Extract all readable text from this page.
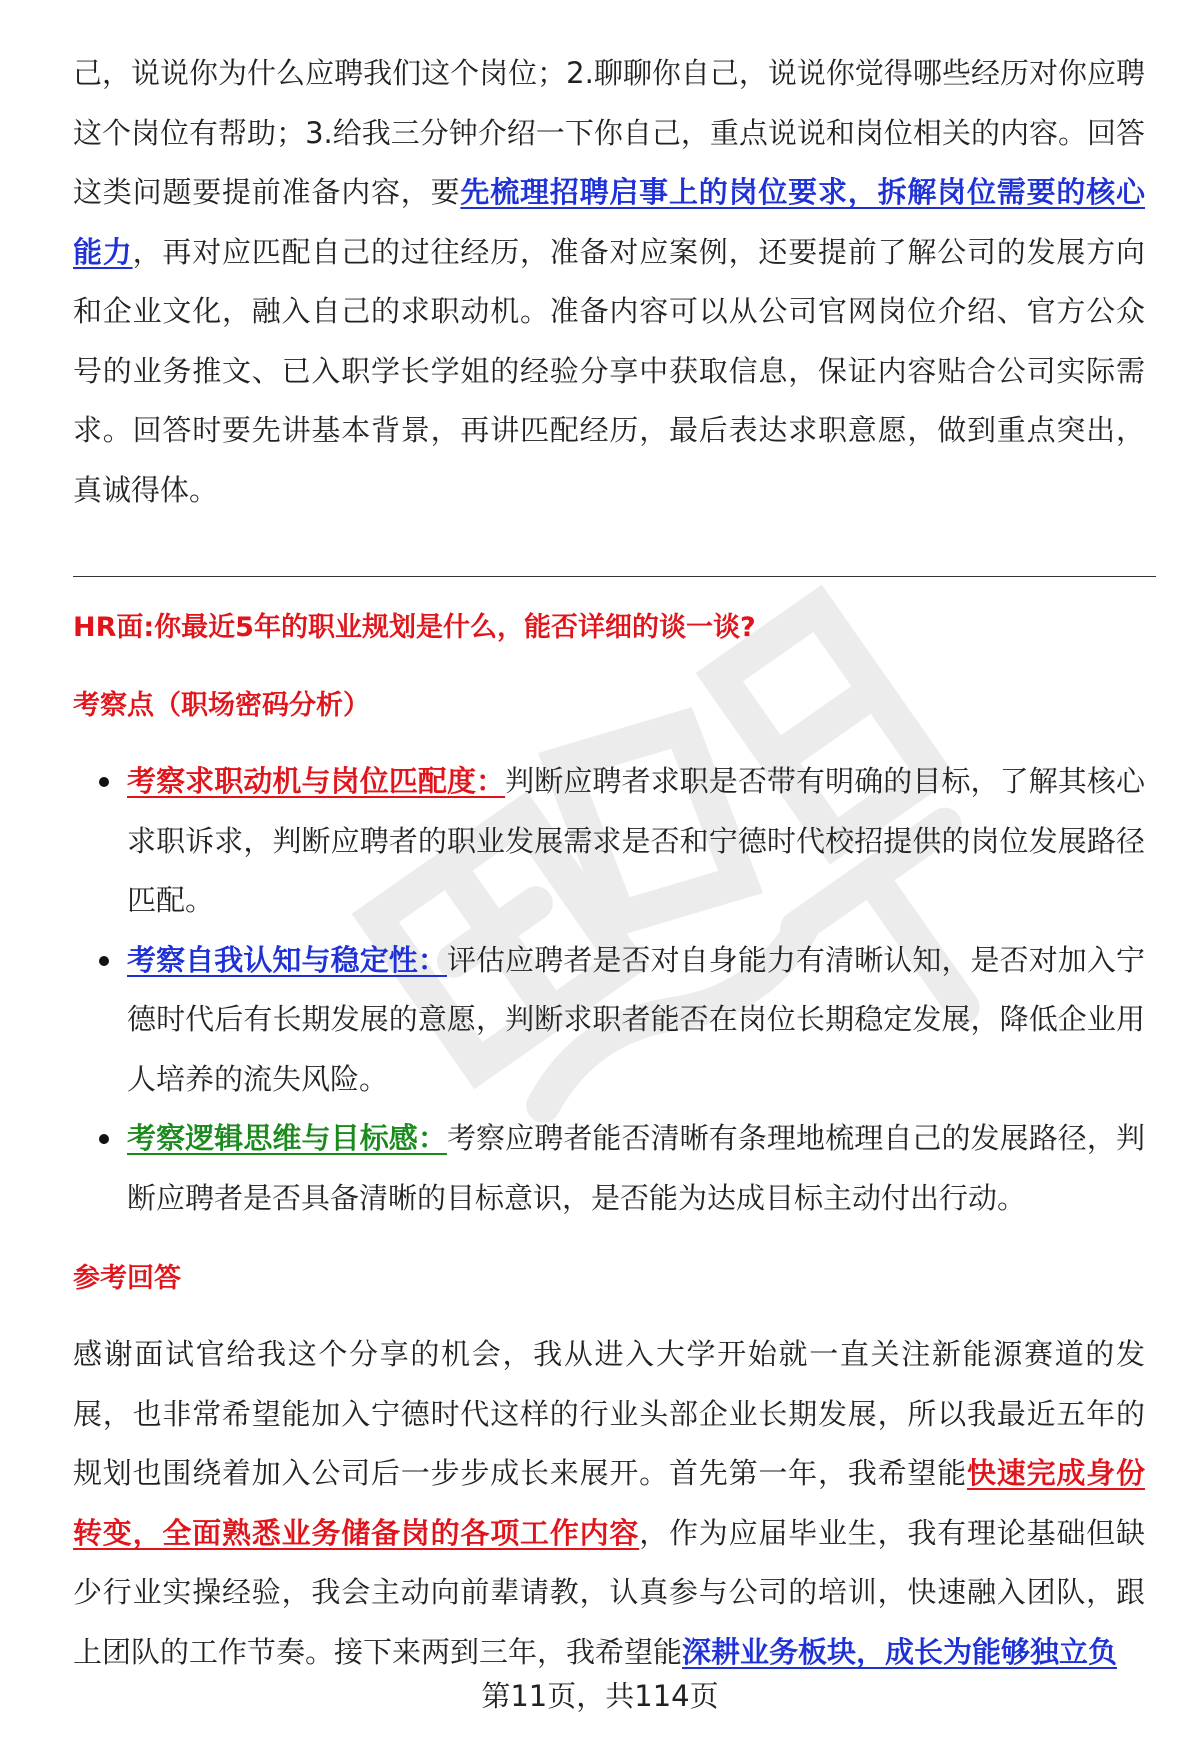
己，说说你为什么应聘我们这个岗位；2.聊聊你自己，说说你觉得哪些经历对你应聘这个岗位有帮助；3.给我三分钟介绍一下你自己，重点说说和岗位相关的内容。回答这类问题要提前准备内容，要先梳理招聘启事上的岗位要求，拆解岗位需要的核心能力，再对应匹配自己的过往经历，准备对应案例，还要提前了解公司的发展方向和企业文化，融入自己的求职动机。准备内容可以从公司官网岗位介绍、官方公众号的业务推文、已入职学长学姐的经验分享中获取信息，保证内容贴合公司实际需求。回答时要先讲基本背景，再讲匹配经历，最后表达求职意愿，做到重点突出，真诚得体。

HR面:你最近5年的职业规划是什么，能否详细的谈一谈?
考察点（职场密码分析）
考察求职动机与岗位匹配度：判断应聘者求职是否带有明确的目标，了解其核心求职诉求，判断应聘者的职业发展需求是否和宁德时代校招提供的岗位发展路径匹配。
考察自我认知与稳定性：评估应聘者是否对自身能力有清晰认知，是否对加入宁德时代后有长期发展的意愿，判断求职者能否在岗位长期稳定发展，降低企业用人培养的流失风险。
考察逻辑思维与目标感：考察应聘者能否清晰有条理地梳理自己的发展路径，判断应聘者是否具备清晰的目标意识，是否能为达成目标主动付出行动。
参考回答

感谢面试官给我这个分享的机会，我从进入大学开始就一直关注新能源赛道的发展，也非常希望能加入宁德时代这样的行业头部企业长期发展，所以我最近五年的规划也围绕着加入公司后一步步成长来展开。首先第一年，我希望能快速完成身份转变，全面熟悉业务储备岗的各项工作内容，作为应届毕业生，我有理论基础但缺少行业实操经验，我会主动向前辈请教，认真参与公司的培训，快速融入团队，跟上团队的工作节奏。接下来两到三年，我希望能深耕业务板块，成长为能够独立负

第11页，共114页
